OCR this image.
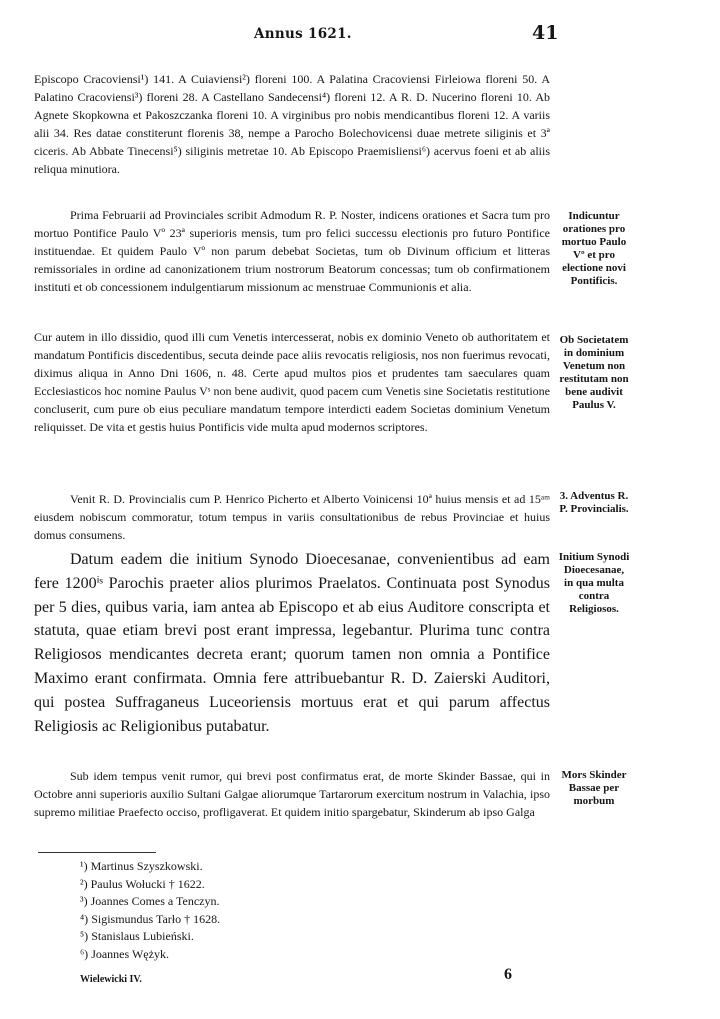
Annus 1621.	41

Episcopo Cracoviensi¹) 141. A Cuiaviensi²) floreni 100. A Palatina Cracoviensi Firleiowa floreni 50. A Palatino Cracoviensi³) floreni 28. A Castellano Sandecensi⁴) floreni 12. A R. D. Nucerino floreni 10. Ab Agnete Skopkowna et Pakoszczanka floreni 10. A virginibus pro nobis mendicantibus floreni 12. A variis alii 34. Res datae constiterunt florenis 38, nempe a Parocho Bolechovicensi duae metrete siliginis et 3ª ciceris. Ab Abbate Tinecensi⁵) siliginis metretae 10. Ab Episcopo Praemisliensi⁶) acervus foeni et ab aliis reliqua minutiora.

Prima Februarii ad Provinciales scribit Admodum R. P. Noster, indicens orationes et Sacra tum pro mortuo Pontifice Paulo Vº 23ª superioris mensis, tum pro felici successu electionis pro futuro Pontifice instituendae. Et quidem Paulo Vº non parum debebat Societas, tum ob Divinum officium et litteras remissoriales in ordine ad canonizationem trium nostrorum Beatorum concessas; tum ob confirmationem instituti et ob concessionem indulgentiarum missionum ac menstruae Communionis et alia.

Cur autem in illo dissidio, quod illi cum Venetis intercesserat, nobis ex dominio Veneto ob authoritatem et mandatum Pontificis discedentibus, secuta deinde pace aliis revocatis religiosis, nos non fuerimus revocati, diximus aliqua in Anno Dni 1606, n. 48. Certe apud multos pios et prudentes tam saeculares quam Ecclesiasticos hoc nomine Paulus Vˢ non bene audivit, quod pacem cum Venetis sine Societatis restitutione concluserit, cum pure ob eius peculiare mandatum tempore interdicti eadem Societas dominium Venetum reliquisset. De vita et gestis huius Pontificis vide multa apud modernos scriptores.

Venit R. D. Provincialis cum P. Henrico Picherto et Alberto Voinicensi 10ª huius mensis et ad 15ᵃᵐ eiusdem nobiscum commoratur, totum tempus in variis consultationibus de rebus Provinciae et huius domus consumens.

Datum eadem die initium Synodo Dioecesanae, convenientibus ad eam fere 1200ⁱˢ Parochis praeter alios plurimos Praelatos. Continuata post Synodus per 5 dies, quibus varia, iam antea ab Episcopo et ab eius Auditore conscripta et statuta, quae etiam brevi post erant impressa, legebantur. Plurima tunc contra Religiosos mendicantes decreta erant; quorum tamen non omnia a Pontifice Maximo erant confirmata. Omnia fere attribuebantur R. D. Zaierski Auditori, qui postea Suffraganeus Luceoriensis mortuus erat et qui parum affectus Religiosis ac Religionibus putabatur.

Sub idem tempus venit rumor, qui brevi post confirmatus erat, de morte Skinder Bassae, qui in Octobre anni superioris auxilio Sultani Galgae aliorumque Tartarorum exercitum nostrum in Valachia, ipso supremo militiae Praefecto occiso, profligaverat. Et quidem initio spargebatur, Skinderum ab ipso Galga

Indicuntur orationes pro mortuo Paulo Vº et pro electione novi Pontificis.
Ob Societatem in dominium Venetum non restitutam non bene audivit Paulus V.
3. Adventus R. P. Provincialis.
Initium Synodi Dioecesanae, in qua multa contra Religiosos.
Mors Skinder Bassae per morbum

¹) Martinus Szyszkowski.

²) Paulus Wołucki † 1622.

³) Joannes Comes a Tenczyn.

⁴) Sigismundus Tarło † 1628.

⁵) Stanislaus Lubieński.

⁶) Joannes Wężyk.

Wielewicki IV.	6
